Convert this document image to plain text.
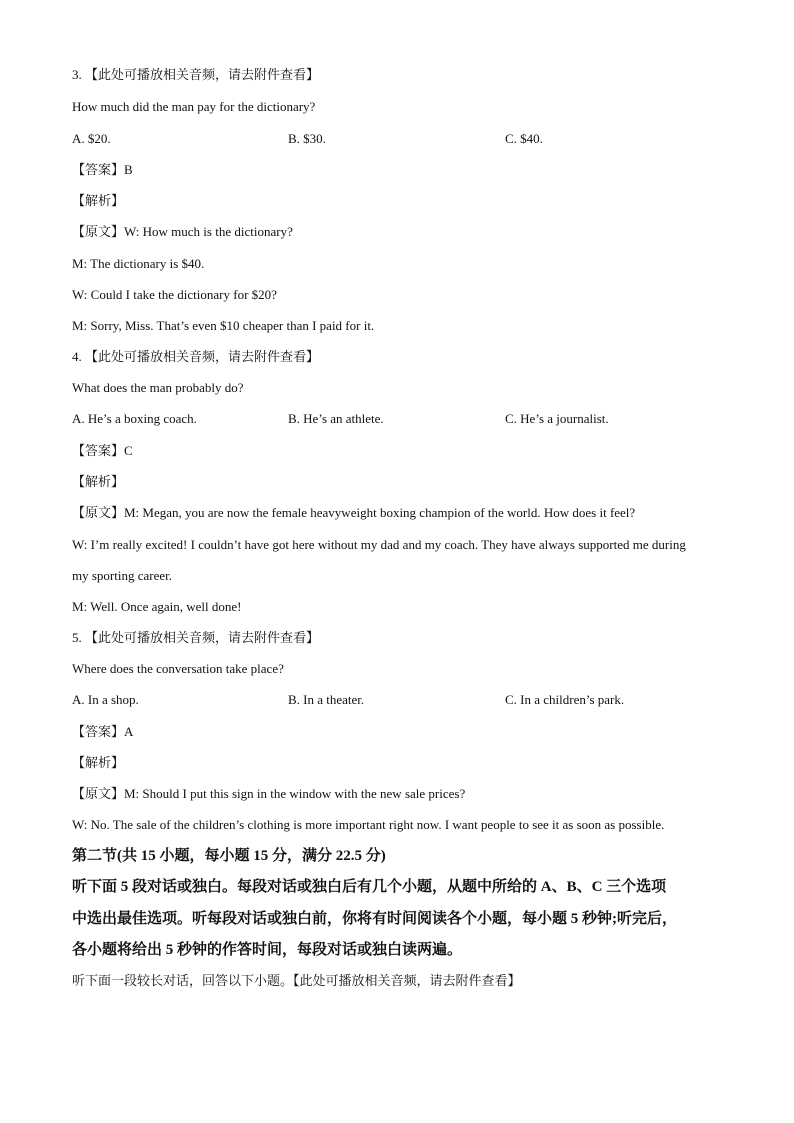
3. 【此处可播放相关音频，请去附件查看】
How much did the man pay for the dictionary?
A. $20.	B. $30.	C. $40.
【答案】B
【解析】
【原文】W: How much is the dictionary?
M: The dictionary is $40.
W: Could I take the dictionary for $20?
M: Sorry, Miss. That’s even $10 cheaper than I paid for it.
4. 【此处可播放相关音频，请去附件查看】
What does the man probably do?
A. He’s a boxing coach.	B. He’s an athlete.	C. He’s a journalist.
【答案】C
【解析】
【原文】M: Megan, you are now the female heavyweight boxing champion of the world. How does it feel?
W: I’m really excited! I couldn’t have got here without my dad and my coach. They have always supported me during
my sporting career.
M: Well. Once again, well done!
5. 【此处可播放相关音频，请去附件查看】
Where does the conversation take place?
A. In a shop.	B. In a theater.	C. In a children’s park.
【答案】A
【解析】
【原文】M: Should I put this sign in the window with the new sale prices?
W: No. The sale of the children’s clothing is more important right now. I want people to see it as soon as possible.
第二节(共 15 小题，每小题 15 分，满分 22.5 分)
听下面 5 段对话或独白。每段对话或独白后有几个小题，从题中所给的 A、B、C 三个选项
中选出最佳选项。听每段对话或独白前，你将有时间阅读各个小题，每小题 5 秒钟;听完后，
各小题将给出 5 秒钟的作答时间，每段对话或独白读两遍。
听下面一段较长对话，回答以下小题。【此处可播放相关音频，请去附件查看】
